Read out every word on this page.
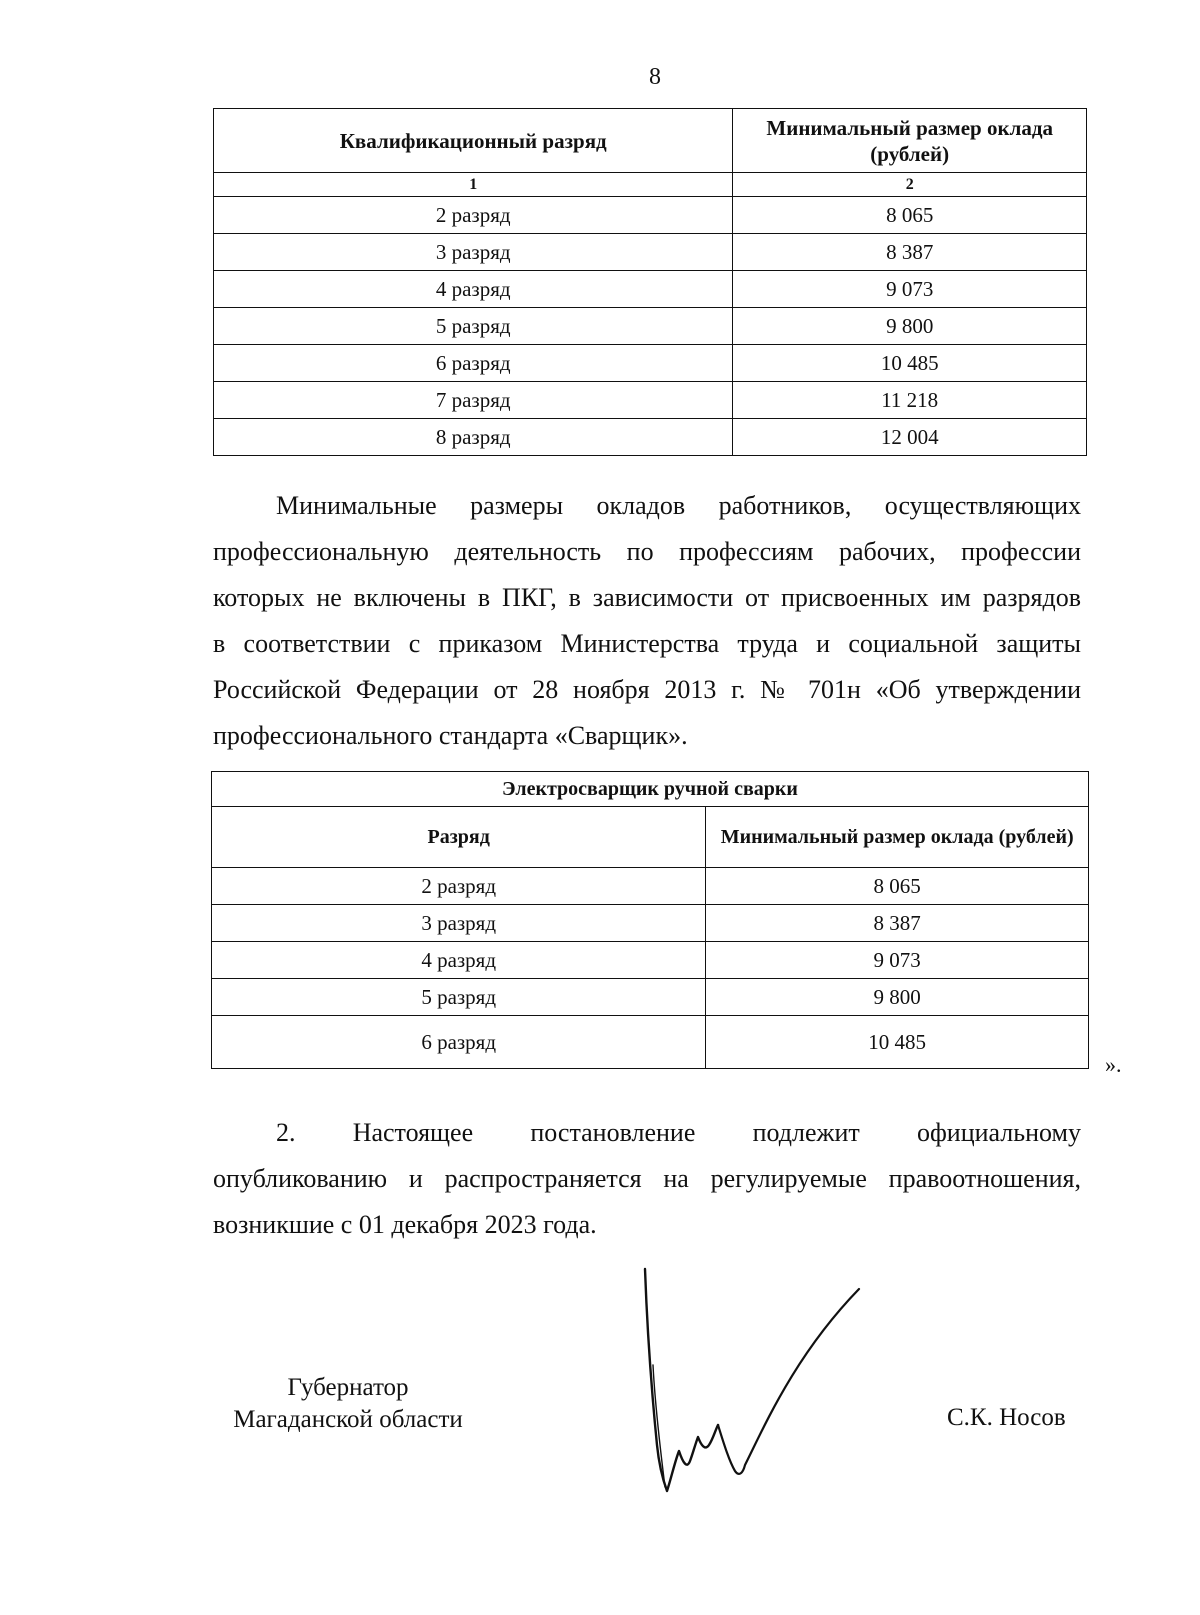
8
Квалификационный разряд	Минимальный размер оклада (рублей)
1	2
2 разряд	8 065
3 разряд	8 387
4 разряд	9 073
5 разряд	9 800
6 разряд	10 485
7 разряд	11 218
8 разряд	12 004
Минимальные размеры окладов работников, осуществляющих
профессиональную деятельность по профессиям рабочих, профессии
которых не включены в ПКГ, в зависимости от присвоенных им разрядов
в соответствии с приказом Министерства труда и социальной защиты
Российской Федерации от 28 ноября 2013 г. № 701н «Об утверждении
профессионального стандарта «Сварщик».
Электросварщик ручной сварки	
Разряд	Минимальный размер оклада (рублей)
2 разряд	8 065
3 разряд	8 387
4 разряд	9 073
5 разряд	9 800
6 разряд	10 485
».
2. Настоящее постановление подлежит официальному
опубликованию и распространяется на регулируемые правоотношения,
возникшие с 01 декабря 2023 года.
Губернатор
Магаданской области	С.К. Носов
